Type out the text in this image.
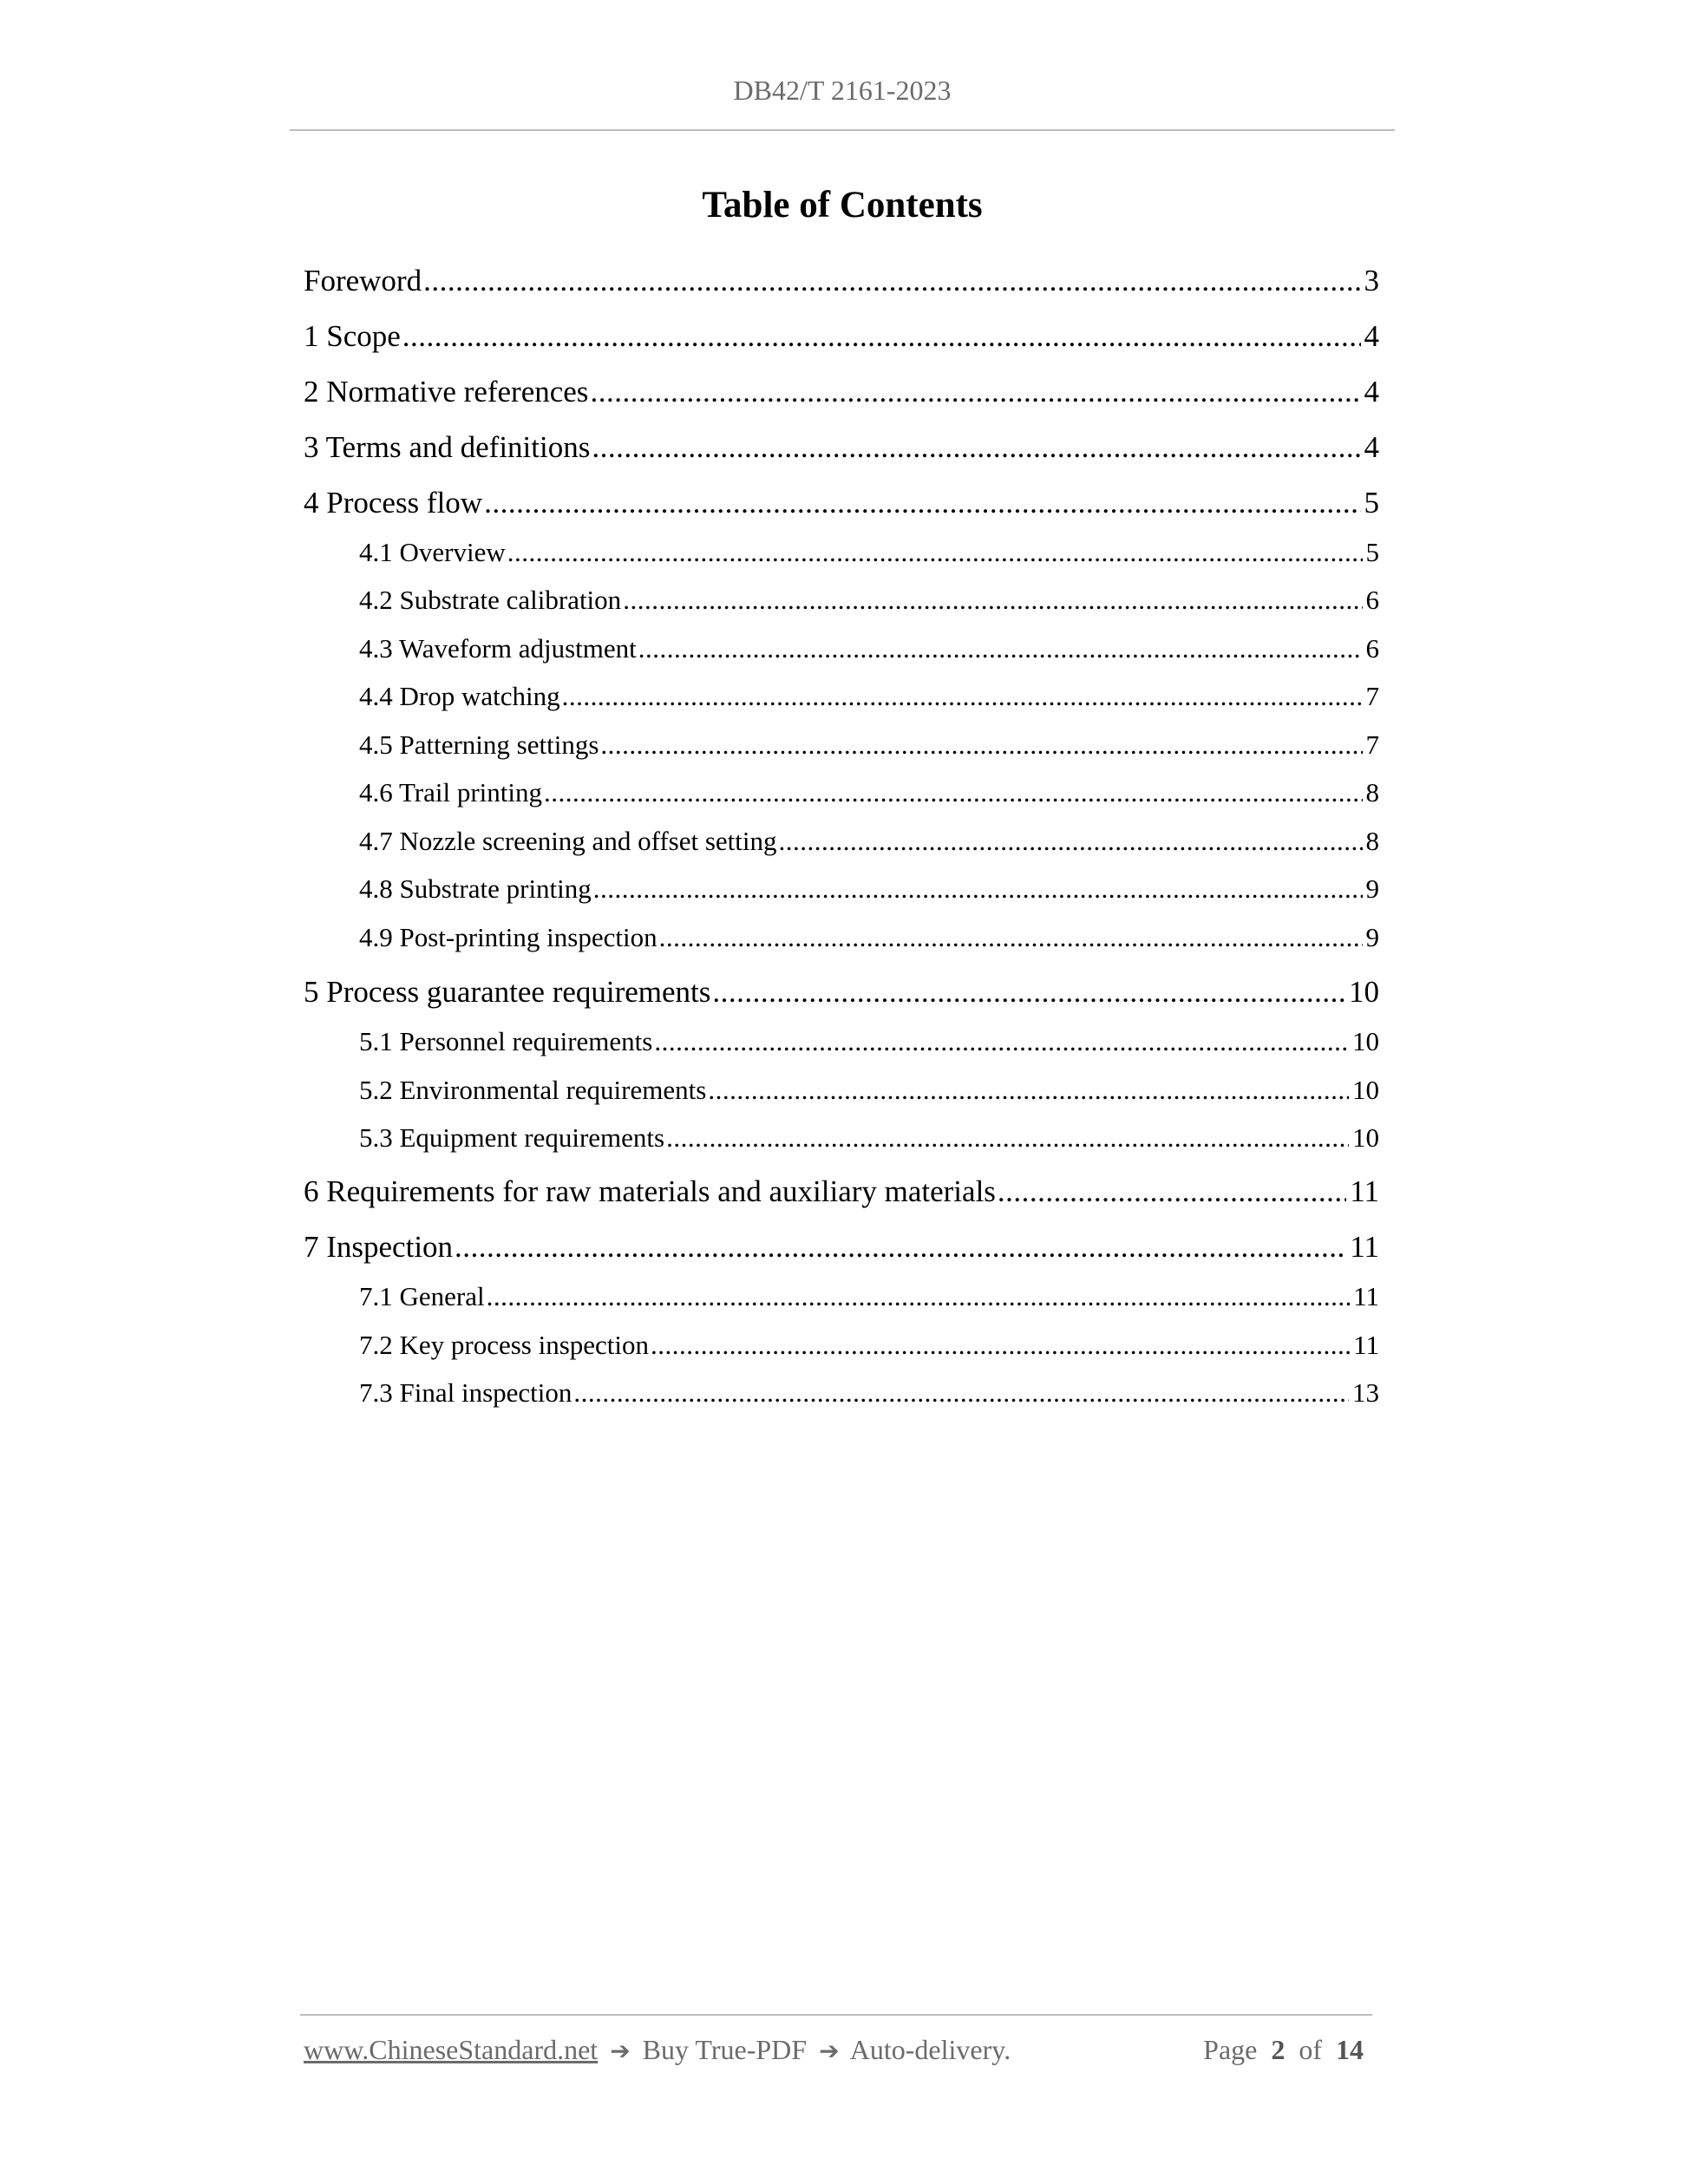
DB42/T 2161-2023
Table of Contents
Foreword .....	3
1 Scope .....	4
2 Normative references .....	4
3 Terms and definitions .....	4
4 Process flow .....	5
4.1 Overview .....	5
4.2 Substrate calibration .....	6
4.3 Waveform adjustment .....	6
4.4 Drop watching .....	7
4.5 Patterning settings .....	7
4.6 Trail printing .....	8
4.7 Nozzle screening and offset setting .....	8
4.8 Substrate printing .....	9
4.9 Post-printing inspection .....	9
5 Process guarantee requirements .....	10
5.1 Personnel requirements .....	10
5.2 Environmental requirements .....	10
5.3 Equipment requirements .....	10
6 Requirements for raw materials and auxiliary materials .....	11
7 Inspection .....	11
7.1 General .....	11
7.2 Key process inspection .....	11
7.3 Final inspection .....	13
www.ChineseStandard.net ➔ Buy True-PDF ➔ Auto-delivery.	Page 2 of 14
